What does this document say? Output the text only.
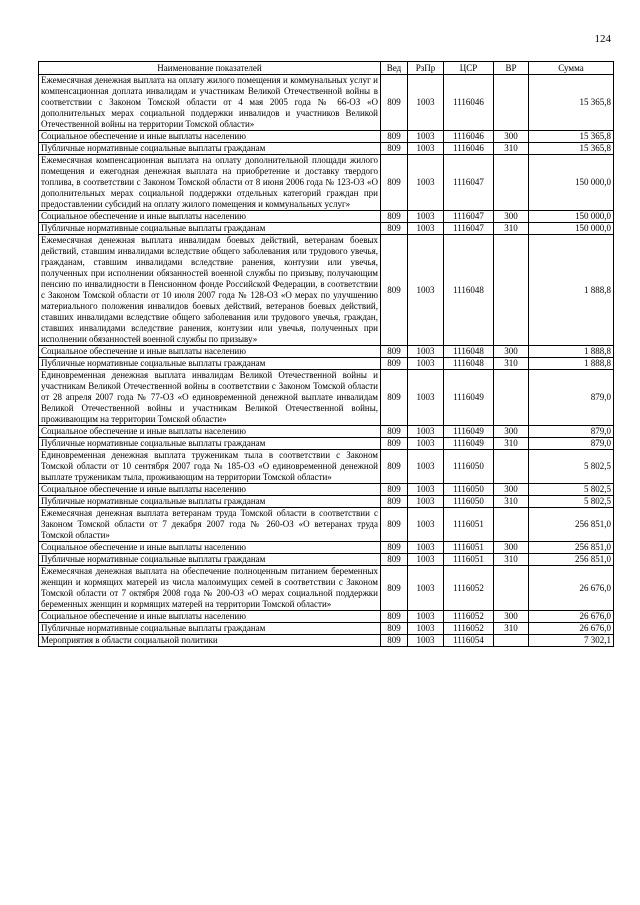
124
Наименование показателей	Вед	РзПр	ЦСР	ВР	Сумма
Ежемесячная денежная выплата на оплату жилого помещения и коммунальных услуг и компенсационная доплата инвалидам и участникам Великой Отечественной войны в соответствии с Законом Томской области от 4 мая 2005 года № 66-ОЗ «О дополнительных мерах социальной поддержки инвалидов и участников Великой Отечественной войны на территории Томской области»	809	1003	1116046		15 365,8
Социальное обеспечение и иные выплаты населению	809	1003	1116046	300	15 365,8
Публичные нормативные социальные выплаты гражданам	809	1003	1116046	310	15 365,8
Ежемесячная компенсационная выплата на оплату дополнительной площади жилого помещения и ежегодная денежная выплата на приобретение и доставку твердого топлива, в соответствии с Законом Томской области от 8 июня 2006 года № 123-ОЗ «О дополнительных мерах социальной поддержки отдельных категорий граждан при предоставлении субсидий на оплату жилого помещения и коммунальных услуг»	809	1003	1116047		150 000,0
Социальное обеспечение и иные выплаты населению	809	1003	1116047	300	150 000,0
Публичные нормативные социальные выплаты гражданам	809	1003	1116047	310	150 000,0
Ежемесячная денежная выплата инвалидам боевых действий, ветеранам боевых действий, ставшим инвалидами вследствие общего заболевания или трудового увечья, гражданам, ставшим инвалидами вследствие ранения, контузии или увечья, полученных при исполнении обязанностей военной службы по призыву, получающим пенсию по инвалидности в Пенсионном фонде Российской Федерации, в соответствии с Законом Томской области от 10 июля 2007 года № 128-ОЗ «О мерах по улучшению материального положения инвалидов боевых действий, ветеранов боевых действий, ставших инвалидами вследствие общего заболевания или трудового увечья, граждан, ставших инвалидами вследствие ранения, контузии или увечья, полученных при исполнении обязанностей военной службы по призыву»	809	1003	1116048		1 888,8
Социальное обеспечение и иные выплаты населению	809	1003	1116048	300	1 888,8
Публичные нормативные социальные выплаты гражданам	809	1003	1116048	310	1 888,8
Единовременная денежная выплата инвалидам Великой Отечественной войны и участникам Великой Отечественной войны в соответствии с Законом Томской области от 28 апреля 2007 года № 77-ОЗ «О единовременной денежной выплате инвалидам Великой Отечественной войны и участникам Великой Отечественной войны, проживающим на территории Томской области»	809	1003	1116049		879,0
Социальное обеспечение и иные выплаты населению	809	1003	1116049	300	879,0
Публичные нормативные социальные выплаты гражданам	809	1003	1116049	310	879,0
Единовременная денежная выплата труженикам тыла в соответствии с Законом Томской области от 10 сентября 2007 года № 185-ОЗ «О единовременной денежной выплате труженикам тыла, проживающим на территории Томской области»	809	1003	1116050		5 802,5
Социальное обеспечение и иные выплаты населению	809	1003	1116050	300	5 802,5
Публичные нормативные социальные выплаты гражданам	809	1003	1116050	310	5 802,5
Ежемесячная денежная выплата ветеранам труда Томской области в соответствии с Законом Томской области от 7 декабря 2007 года № 260-ОЗ «О ветеранах труда Томской области»	809	1003	1116051		256 851,0
Социальное обеспечение и иные выплаты населению	809	1003	1116051	300	256 851,0
Публичные нормативные социальные выплаты гражданам	809	1003	1116051	310	256 851,0
Ежемесячная денежная выплата на обеспечение полноценным питанием беременных женщин и кормящих матерей из числа малоимущих семей в соответствии с Законом Томской области от 7 октября 2008 года № 200-ОЗ «О мерах социальной поддержки беременных женщин и кормящих матерей на территории Томской области»	809	1003	1116052		26 676,0
Социальное обеспечение и иные выплаты населению	809	1003	1116052	300	26 676,0
Публичные нормативные социальные выплаты гражданам	809	1003	1116052	310	26 676,0
Мероприятия в области социальной политики	809	1003	1116054		7 302,1
